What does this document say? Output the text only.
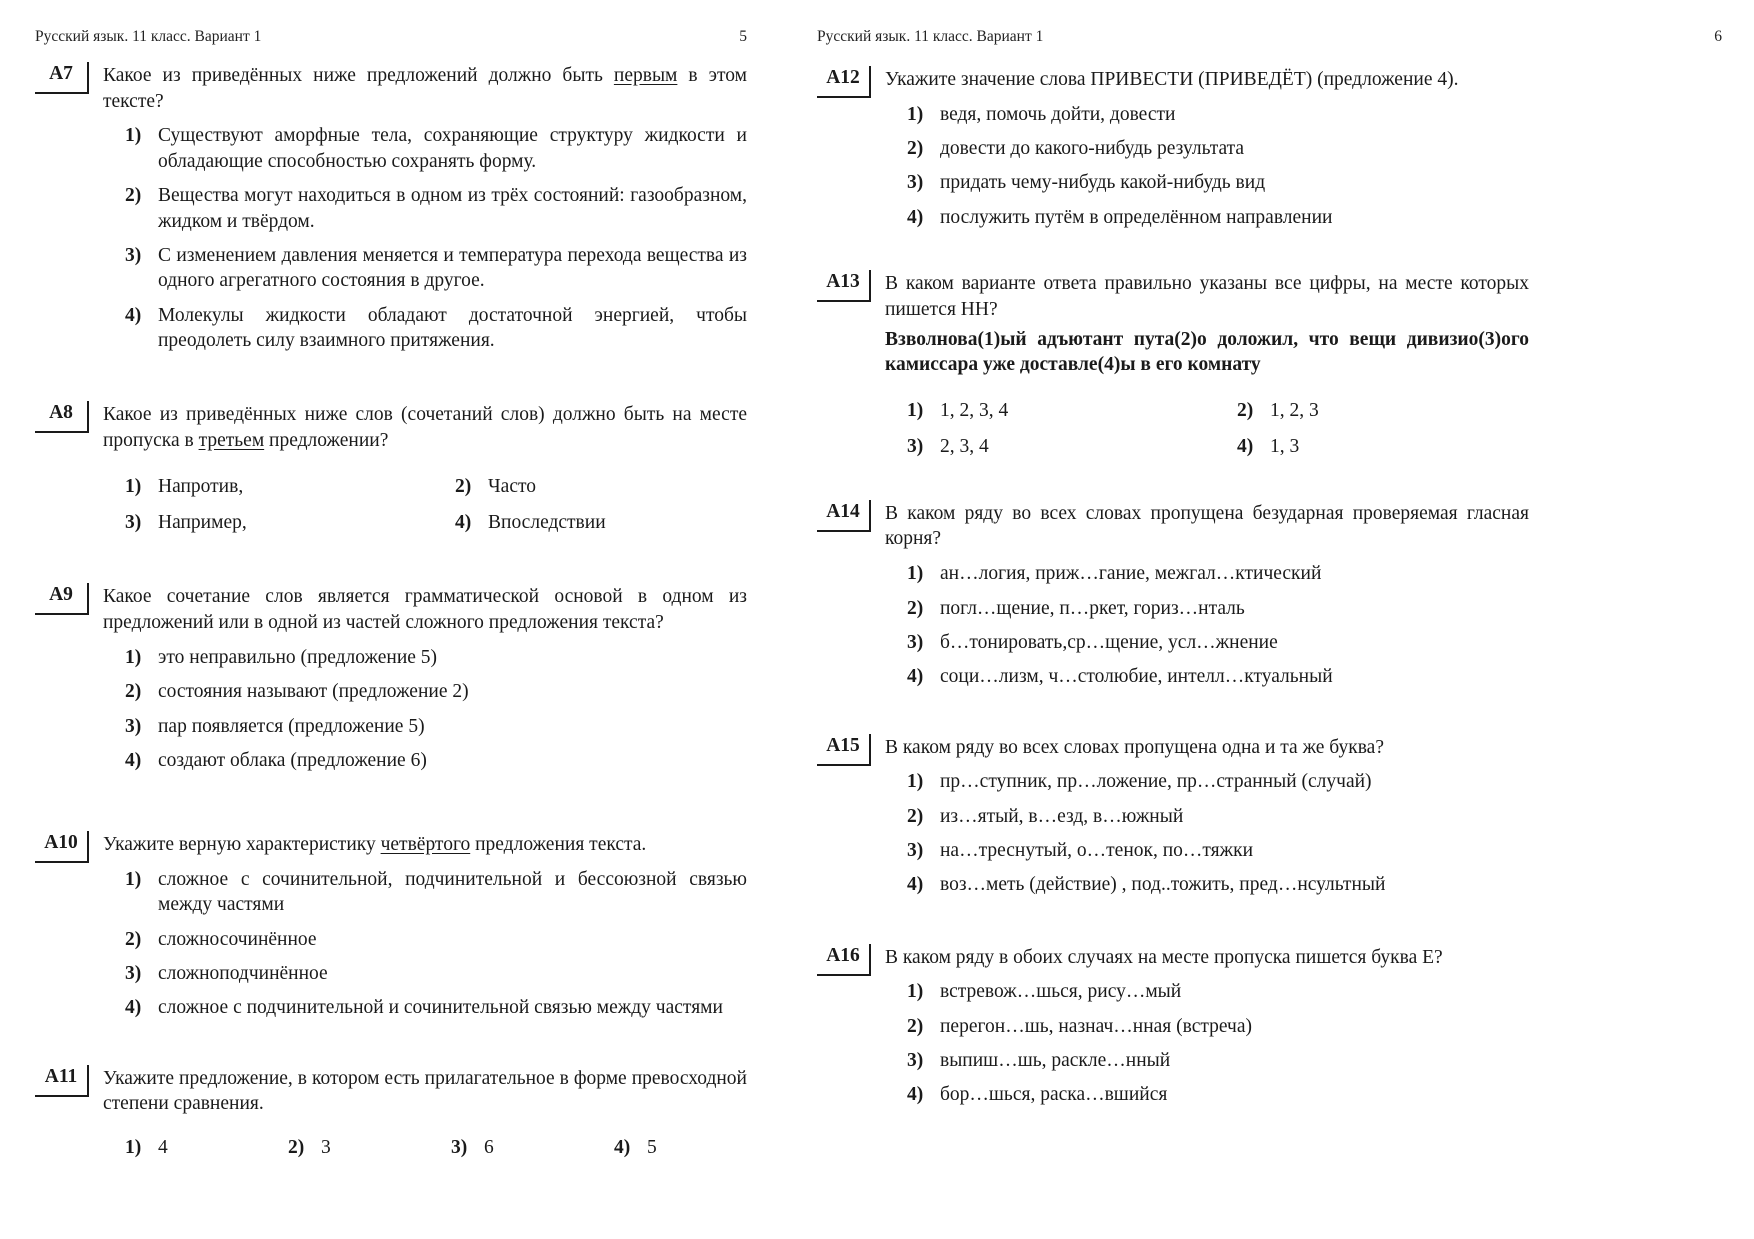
Русский язык. 11 класс. Вариант 1	5
А7	Какое из приведённых ниже предложений должно быть первым в этом тексте?
1) Существуют аморфные тела, сохраняющие структуру жидкости и обладающие способностью сохранять форму.
2) Вещества могут находиться в одном из трёх состояний: газообразном, жидком и твёрдом.
3) С изменением давления меняется и температура перехода вещества из одного агрегатного состояния в другое.
4) Молекулы жидкости обладают достаточной энергией, чтобы преодолеть силу взаимного притяжения.
А8	Какое из приведённых ниже слов (сочетаний слов) должно быть на месте пропуска в третьем предложении?
1) Напротив,	2) Часто
3) Например,	4) Впоследствии
А9	Какое сочетание слов является грамматической основой в одном из предложений или в одной из частей сложного предложения текста?
1) это неправильно (предложение 5)
2) состояния называют (предложение 2)
3) пар появляется (предложение 5)
4) создают облака (предложение 6)
А10	Укажите верную характеристику четвёртого предложения текста.
1) сложное с сочинительной, подчинительной и бессоюзной связью между частями
2) сложносочинённое
3) сложноподчинённое
4) сложное с подчинительной и сочинительной связью между частями
А11	Укажите предложение, в котором есть прилагательное в форме превосходной степени сравнения.
1) 4	2) 3	3) 6	4) 5
Русский язык. 11 класс. Вариант 1	6
А12	Укажите значение слова ПРИВЕСТИ (ПРИВЕДЁТ) (предложение 4).
1) ведя, помочь дойти, довести
2) довести до какого-нибудь результата
3) придать чему-нибудь какой-нибудь вид
4) послужить путём в определённом направлении
А13	В каком варианте ответа правильно указаны все цифры, на месте которых пишется НН?
Взволнова(1)ый адъютант пута(2)о доложил, что вещи дивизио(3)ого камиссара уже доставле(4)ы в его комнату
1) 1, 2, 3, 4	2) 1, 2, 3
3) 2, 3, 4	4) 1, 3
А14	В каком ряду во всех словах пропущена безударная проверяемая гласная корня?
1) ан…логия, приж…гание, межгал…ктический
2) погл…щение, п…ркет, гориз…нталь
3) б…тонировать,ср…щение, усл…жнение
4) соци…лизм, ч…столюбие, интелл…ктуальный
А15	В каком ряду во всех словах пропущена одна и та же буква?
1) пр…ступник, пр…ложение, пр…странный (случай)
2) из…ятый, в…езд, в…южный
3) на…треснутый, о…тенок, по…тяжки
4) воз…меть (действие) , под..тожить, пред…нсультный
А16	В каком ряду в обоих случаях на месте пропуска пишется буква Е?
1) встревож…шься, рису…мый
2) перегон…шь, назнач…нная (встреча)
3) выпиш…шь, раскле…нный
4) бор…шься, раска…вшийся
